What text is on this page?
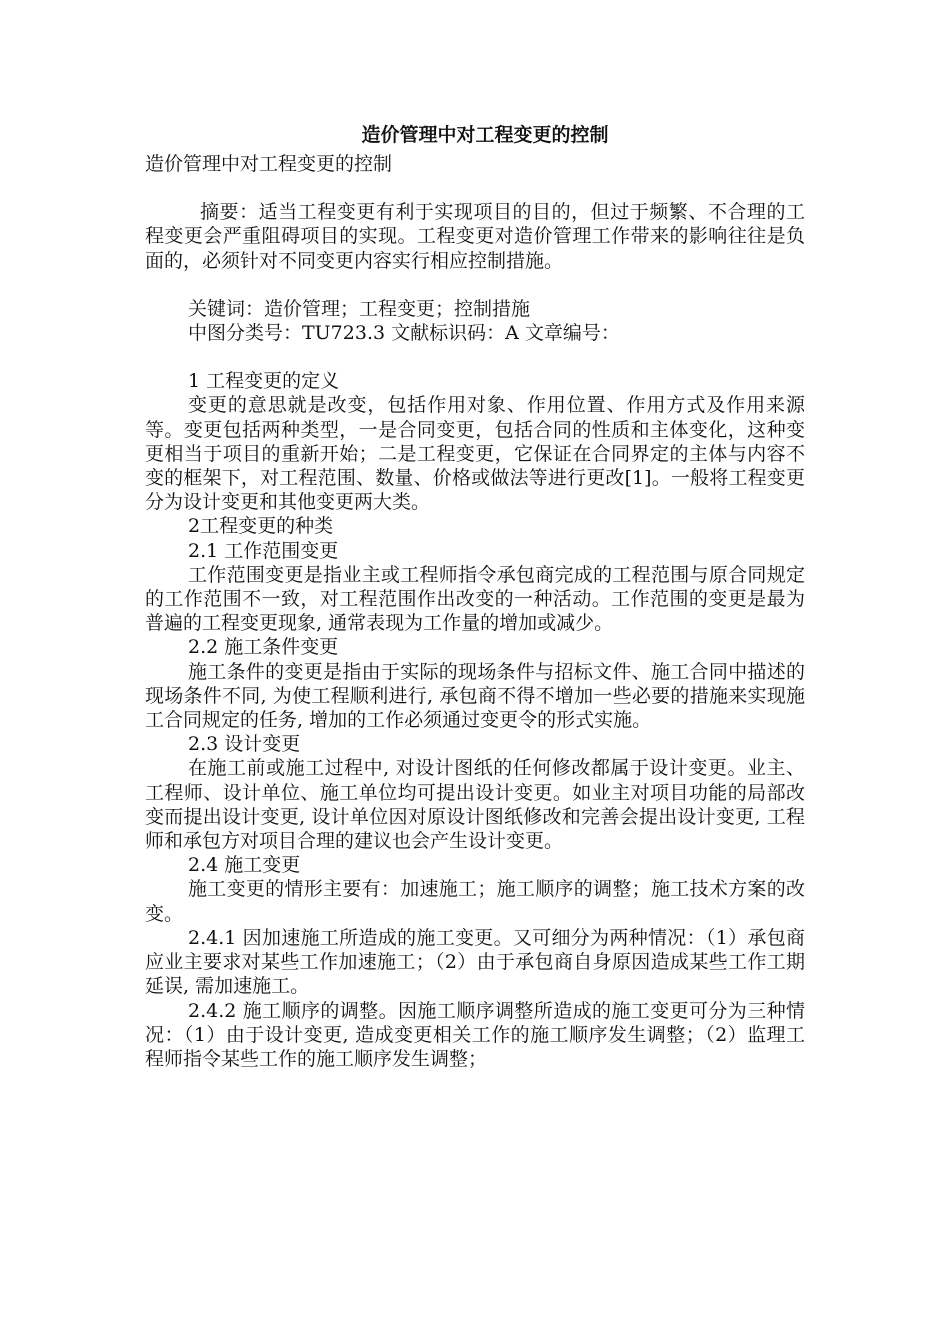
造价管理中对工程变更的控制

造价管理中对工程变更的控制

摘要：适当工程变更有利于实现项目的目的，但过于频繁、不合理的工程变更会严重阻碍项目的实现。工程变更对造价管理工作带来的影响往往是负面的，必须针对不同变更内容实行相应控制措施。

关键词：造价管理；工程变更；控制措施

中图分类号：TU723.3 文献标识码：A 文章编号：

1 工程变更的定义

变更的意思就是改变，包括作用对象、作用位置、作用方式及作用来源等。变更包括两种类型，一是合同变更，包括合同的性质和主体变化，这种变更相当于项目的重新开始；二是工程变更，它保证在合同界定的主体与内容不变的框架下，对工程范围、数量、价格或做法等进行更改[1]。一般将工程变更分为设计变更和其他变更两大类。

2工程变更的种类

2.1 工作范围变更

工作范围变更是指业主或工程师指令承包商完成的工程范围与原合同规定的工作范围不一致，对工程范围作出改变的一种活动。工作范围的变更是最为普遍的工程变更现象, 通常表现为工作量的增加或减少。

2.2 施工条件变更

施工条件的变更是指由于实际的现场条件与招标文件、施工合同中描述的现场条件不同, 为使工程顺利进行, 承包商不得不增加一些必要的措施来实现施工合同规定的任务, 增加的工作必须通过变更令的形式实施。

2.3 设计变更

在施工前或施工过程中, 对设计图纸的任何修改都属于设计变更。业主、工程师、设计单位、施工单位均可提出设计变更。如业主对项目功能的局部改变而提出设计变更, 设计单位因对原设计图纸修改和完善会提出设计变更, 工程师和承包方对项目合理的建议也会产生设计变更。

2.4 施工变更

施工变更的情形主要有：加速施工；施工顺序的调整；施工技术方案的改变。

2.4.1 因加速施工所造成的施工变更。又可细分为两种情况：（1）承包商应业主要求对某些工作加速施工；（2）由于承包商自身原因造成某些工作工期延误, 需加速施工。

2.4.2 施工顺序的调整。因施工顺序调整所造成的施工变更可分为三种情况：（1）由于设计变更, 造成变更相关工作的施工顺序发生调整；（2）监理工程师指令某些工作的施工顺序发生调整；
